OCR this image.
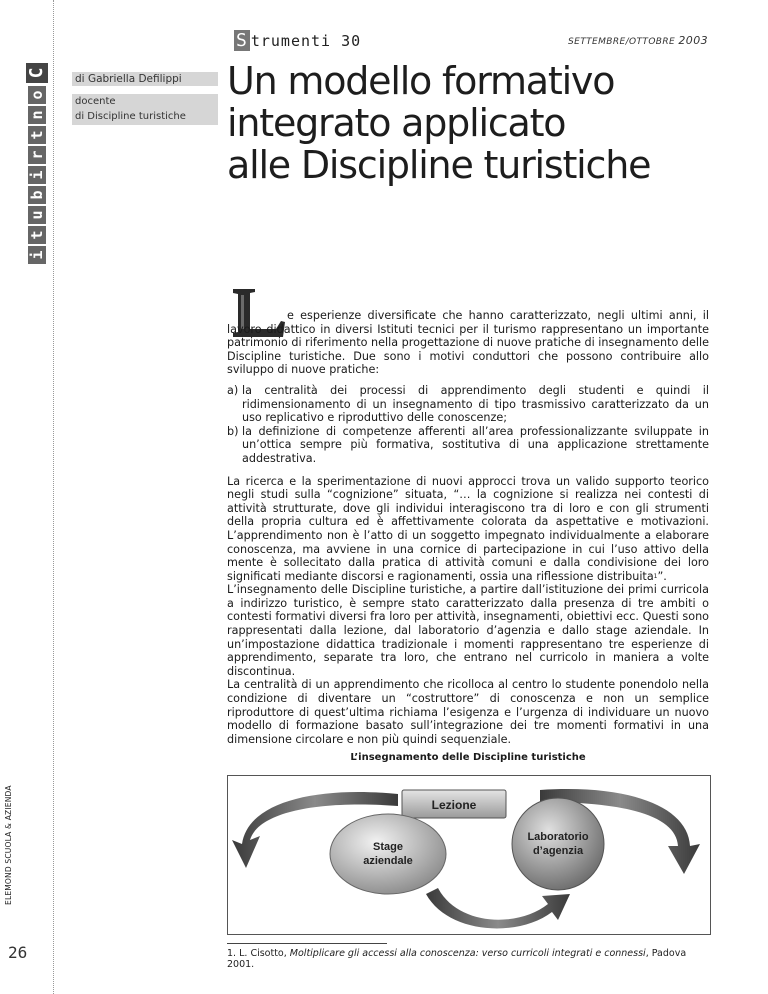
C
o
n
t
r
i
b
u
t
i
ELEMOND SCUOLA & AZIENDA
26
S trumenti 30	SETTEMBRE/OTTOBRE 2003
di Gabriella Defilippi
docente
di Discipline turistiche
Un modello formativo
integrato applicato
alle Discipline turistiche

e esperienze diversificate che hanno caratterizzato, negli ultimi anni, il lavoro didattico in diversi Istituti tecnici per il turismo rappresentano un importante patrimonio di riferimento nella progettazione di nuove pratiche di insegnamento delle Discipline turistiche. Due sono i motivi conduttori che possono contribuire allo sviluppo di nuove pratiche:

a) la centralità dei processi di apprendimento degli studenti e quindi il ridimensionamento di un insegnamento di tipo trasmissivo caratterizzato da un uso replicativo e riproduttivo delle conoscenze;
b) la definizione di competenze afferenti all’area professionalizzante sviluppate in un’ottica sempre più formativa, sostitutiva di una applicazione strettamente addestrativa.

La ricerca e la sperimentazione di nuovi approcci trova un valido supporto teorico negli studi sulla “cognizione” situata, “… la cognizione si realizza nei contesti di attività strutturate, dove gli individui interagiscono tra di loro e con gli strumenti della propria cultura ed è affettivamente colorata da aspettative e motivazioni. L’apprendimento non è l’atto di un soggetto impegnato individualmente a elaborare conoscenza, ma avviene in una cornice di partecipazione in cui l’uso attivo della mente è sollecitato dalla pratica di attività comuni e dalla condivisione dei loro significati mediante discorsi e ragionamenti, ossia una riflessione distribuita$^1$”.

L’insegnamento delle Discipline turistiche, a partire dall’istituzione dei primi curricola a indirizzo turistico, è sempre stato caratterizzato dalla presenza di tre ambiti o contesti formativi diversi fra loro per attività, insegnamenti, obiettivi ecc. Questi sono rappresentati dalla lezione, dal laboratorio d’agenzia e dallo stage aziendale. In un’impostazione didattica tradizionale i momenti rappresentano tre esperienze di apprendimento, separate tra loro, che entrano nel curricolo in maniera a volte discontinua.

La centralità di un apprendimento che ricolloca al centro lo studente ponendolo nella condizione di diventare un “costruttore” di conoscenza e non un semplice riproduttore di quest’ultima richiama l’esigenza e l’urgenza di individuare un nuovo modello di formazione basato sull’integrazione dei tre momenti formativi in una dimensione circolare e non più quindi sequenziale.

L’insegnamento delle Discipline turistiche
Lezione
Stage
aziendale
Laboratorio
d’agenzia
1. L. Cisotto, Moltiplicare gli accessi alla conoscenza: verso curricoli integrati e connessi, Padova 2001.
